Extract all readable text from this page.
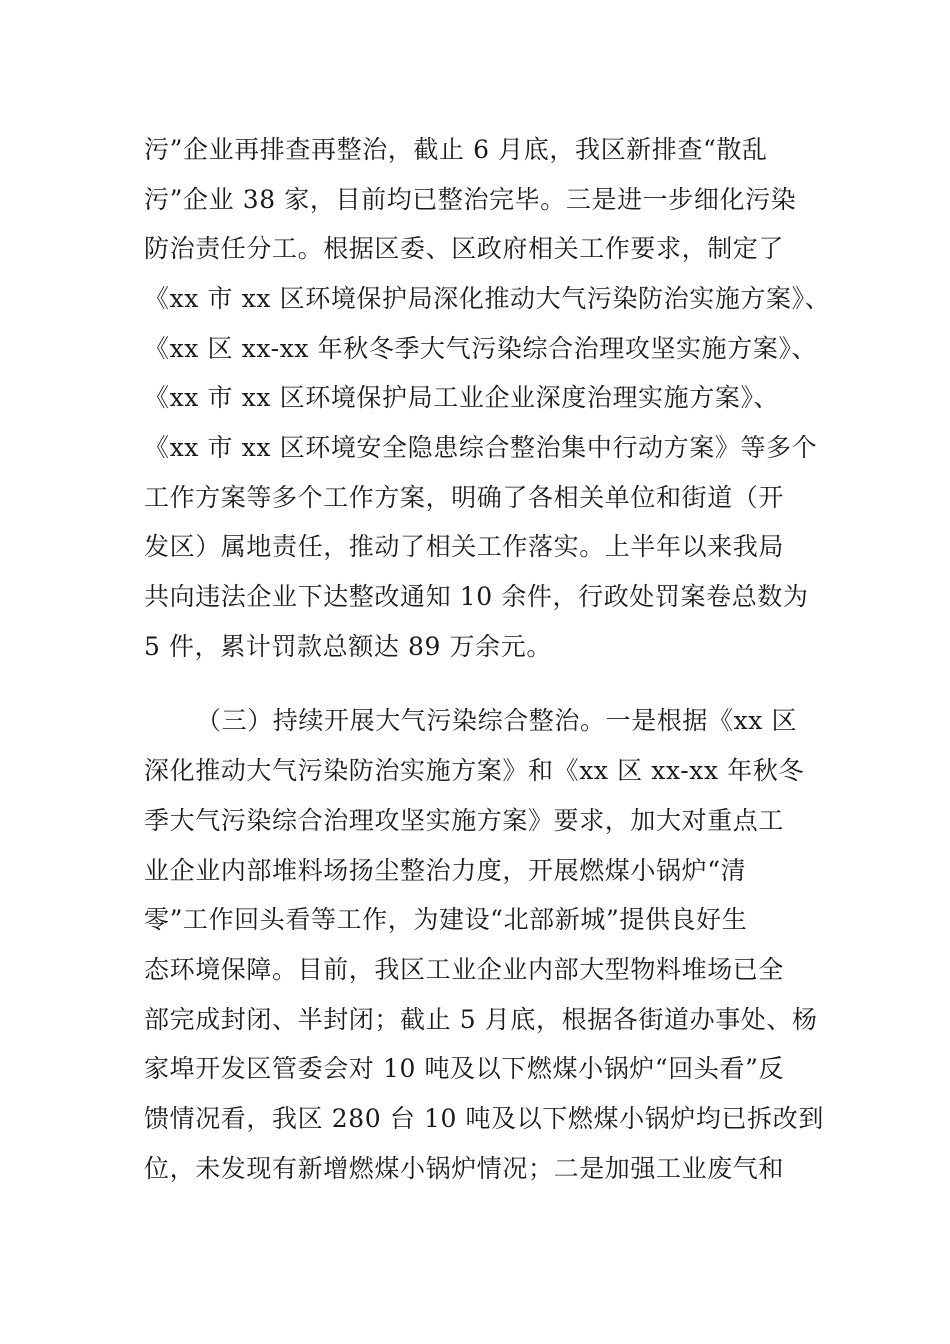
污”企业再排查再整治，截止 6 月底，我区新排查“散乱
污”企业 38 家，目前均已整治完毕。三是进一步细化污染
防治责任分工。根据区委、区政府相关工作要求，制定了
《xx 市 xx 区环境保护局深化推动大气污染防治实施方案》、
《xx 区 xx-xx 年秋冬季大气污染综合治理攻坚实施方案》、
《xx 市 xx 区环境保护局工业企业深度治理实施方案》、
《xx 市 xx 区环境安全隐患综合整治集中行动方案》等多个
工作方案等多个工作方案，明确了各相关单位和街道（开
发区）属地责任，推动了相关工作落实。上半年以来我局
共向违法企业下达整改通知 10 余件，行政处罚案卷总数为
5 件，累计罚款总额达 89 万余元。
（三）持续开展大气污染综合整治。一是根据《xx 区
深化推动大气污染防治实施方案》和《xx 区 xx-xx 年秋冬
季大气污染综合治理攻坚实施方案》要求，加大对重点工
业企业内部堆料场扬尘整治力度，开展燃煤小锅炉“清
零”工作回头看等工作，为建设“北部新城”提供良好生
态环境保障。目前，我区工业企业内部大型物料堆场已全
部完成封闭、半封闭；截止 5 月底，根据各街道办事处、杨
家埠开发区管委会对 10 吨及以下燃煤小锅炉“回头看”反
馈情况看，我区 280 台 10 吨及以下燃煤小锅炉均已拆改到
位，未发现有新增燃煤小锅炉情况；二是加强工业废气和
